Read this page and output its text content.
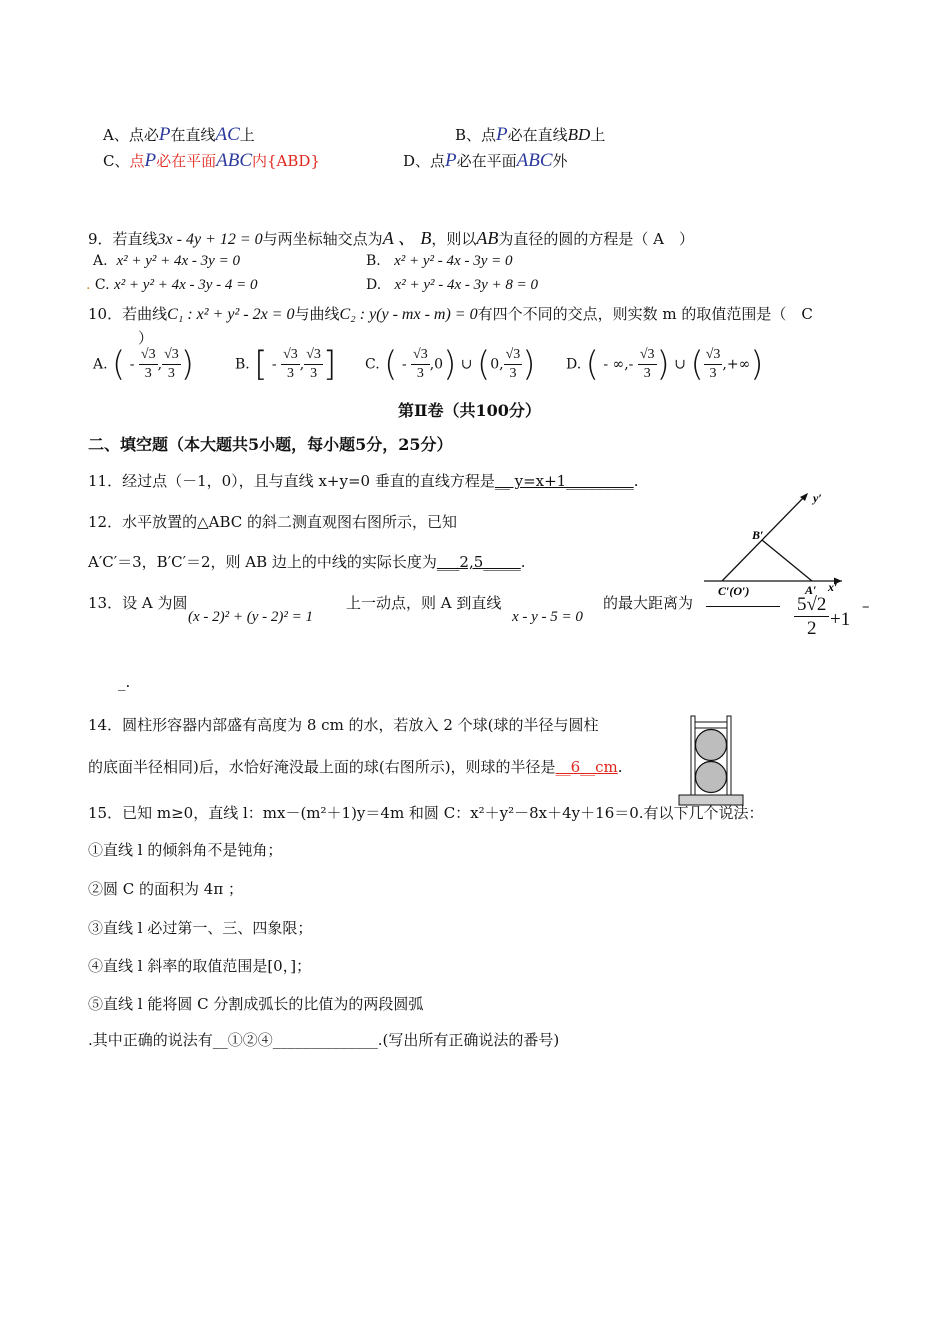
A、点必P在直线AC上	B、点P必在直线BD上
C、点P必在平面ABC内{ABD}	D、点P必在平面ABC外
9．若直线3x - 4y + 12 = 0与两坐标轴交点为A 、 B，则以AB为直径的圆的方程是（ A　）
A. x² + y² + 4x - 3y = 0	B. x² + y² - 4x - 3y = 0
. C. x² + y² + 4x - 3y - 4 = 0	D. x² + y² - 4x - 3y + 8 = 0
10．若曲线C₁ : x² + y² - 2x = 0与曲线C₂ : y(y - mx - m) = 0有四个不同的交点，则实数 m 的取值范围是（　C
）
A. ( - $\frac{√3}{3}$ , $\frac{√3}{3}$ )	B. [ - $\frac{√3}{3}$ , $\frac{√3}{3}$ ] C. ( - $\frac{√3}{3} ,0$) ∪ (0, $\frac{√3}{3}$ ) D. ( - ∞,- $\frac{√3}{3}$ ) ∪ ( $\frac{√3}{3}$ ,+∞)
第Ⅱ卷（共100分）
二、填空题（本大题共5小题，每小题5分，25分）
11．经过点（－1，0），且与直线 x+y=0 垂直的直线方程是__ y=x+1_________.
12．水平放置的△ABC 的斜二测直观图右图所示，已知
A′C′＝3，B′C′＝2，则 AB 边上的中线的实际长度为___2,5_____.
y′
B′
C′(O′)	A′ x′
13．设 A 为圆
(x - 2)² + (y - 2)² = 1
上一动点，则 A 到直线
x - y - 5 = 0
的最大距离为	$\frac{5√2}{2} +1$
–
_.
14．圆柱形容器内部盛有高度为 8 cm 的水，若放入 2 个球(球的半径与圆柱
的底面半径相同)后，水恰好淹没最上面的球(右图所示)，则球的半径是__6__cm.
15．已知 m≥0，直线 l：mx－(m²＋1)y＝4m 和圆 C：x²＋y²－8x＋4y＋16＝0.有以下几个说法：
①直线 l 的倾斜角不是钝角；
②圆 C 的面积为 4π ；
③直线 l 必过第一、三、四象限；
④直线 l 斜率的取值范围是[0，]；
⑤直线 l 能将圆 C 分割成弧长的比值为的两段圆弧
.其中正确的说法有__①②④______________.(写出所有正确说法的番号)
